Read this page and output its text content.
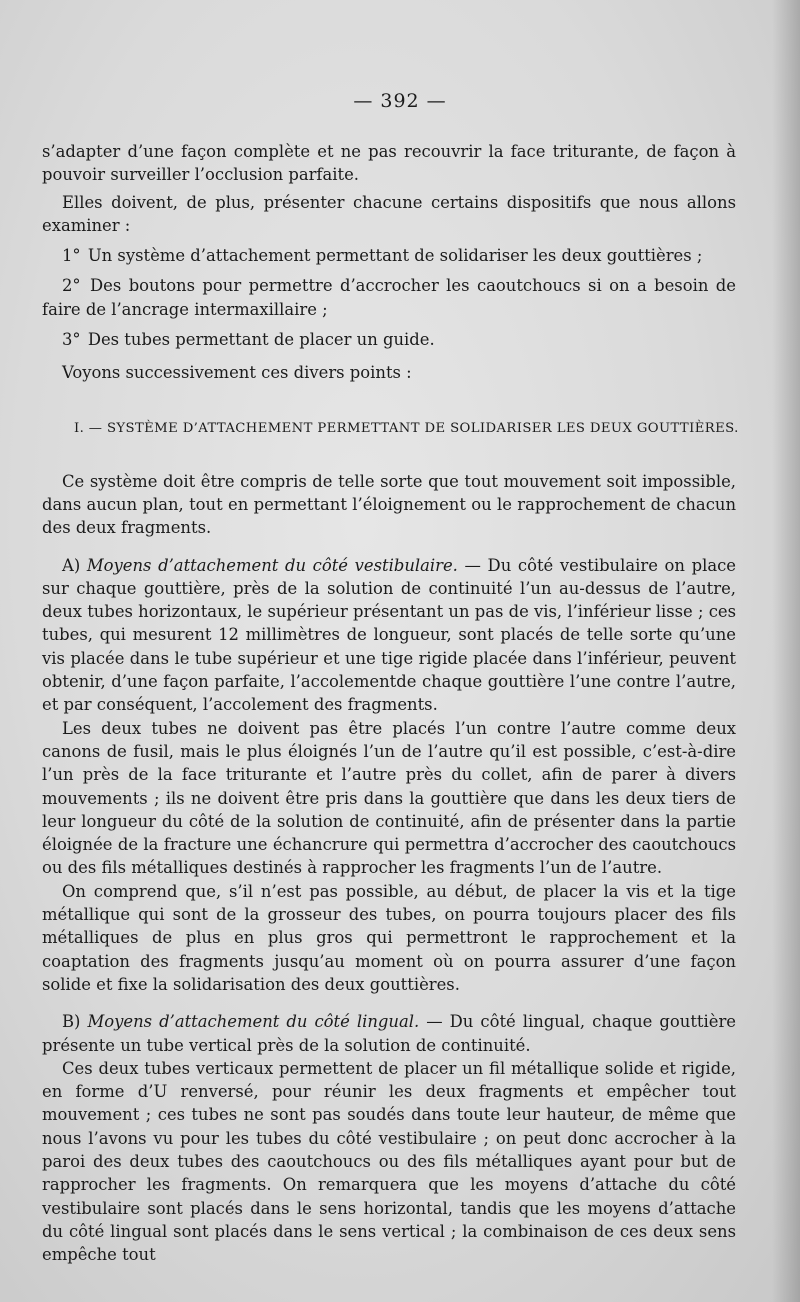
— 392 —

s’adapter d’une façon complète et ne pas recouvrir la face triturante, de façon à pouvoir surveiller l’occlusion parfaite.

Elles doivent, de plus, présenter chacune certains dispositifs que nous allons examiner :

1° Un système d’attachement permettant de solidariser les deux gouttières ;

2° Des boutons pour permettre d’accrocher les caoutchoucs si on a besoin de faire de l’ancrage intermaxillaire ;

3° Des tubes permettant de placer un guide.

Voyons successivement ces divers points :

I. — SYSTÈME D’ATTACHEMENT PERMETTANT DE SOLIDARISER LES DEUX GOUTTIÈRES.

Ce système doit être compris de telle sorte que tout mouvement soit impossible, dans aucun plan, tout en permettant l’éloignement ou le rapprochement de chacun des deux fragments.

A) Moyens d’attachement du côté vestibulaire. — Du côté vestibulaire on place sur chaque gouttière, près de la solution de continuité l’un au-dessus de l’autre, deux tubes horizontaux, le supérieur présentant un pas de vis, l’inférieur lisse ; ces tubes, qui mesurent 12 millimètres de longueur, sont placés de telle sorte qu’une vis placée dans le tube supérieur et une tige rigide placée dans l’inférieur, peuvent obtenir, d’une façon parfaite, l’accolementde chaque gouttière l’une contre l’autre, et par conséquent, l’accolement des fragments.

Les deux tubes ne doivent pas être placés l’un contre l’autre comme deux canons de fusil, mais le plus éloignés l’un de l’autre qu’il est possible, c’est-à-dire l’un près de la face triturante et l’autre près du collet, afin de parer à divers mouvements ; ils ne doivent être pris dans la gouttière que dans les deux tiers de leur longueur du côté de la solution de continuité, afin de présenter dans la partie éloignée de la fracture une échancrure qui permettra d’accrocher des caoutchoucs ou des fils métalliques destinés à rapprocher les fragments l’un de l’autre.

On comprend que, s’il n’est pas possible, au début, de placer la vis et la tige métallique qui sont de la grosseur des tubes, on pourra toujours placer des fils métalliques de plus en plus gros qui permettront le rapprochement et la coaptation des fragments jusqu’au moment où on pourra assurer d’une façon solide et fixe la solidarisation des deux gouttières.

B) Moyens d’attachement du côté lingual. — Du côté lingual, chaque gouttière présente un tube vertical près de la solution de continuité.

Ces deux tubes verticaux permettent de placer un fil métallique solide et rigide, en forme d’U renversé, pour réunir les deux fragments et empêcher tout mouvement ; ces tubes ne sont pas soudés dans toute leur hauteur, de même que nous l’avons vu pour les tubes du côté vestibulaire ; on peut donc accrocher à la paroi des deux tubes des caoutchoucs ou des fils métalliques ayant pour but de rapprocher les fragments. On remarquera que les moyens d’attache du côté vestibulaire sont placés dans le sens horizontal, tandis que les moyens d’attache du côté lingual sont placés dans le sens vertical ; la combinaison de ces deux sens empêche tout
